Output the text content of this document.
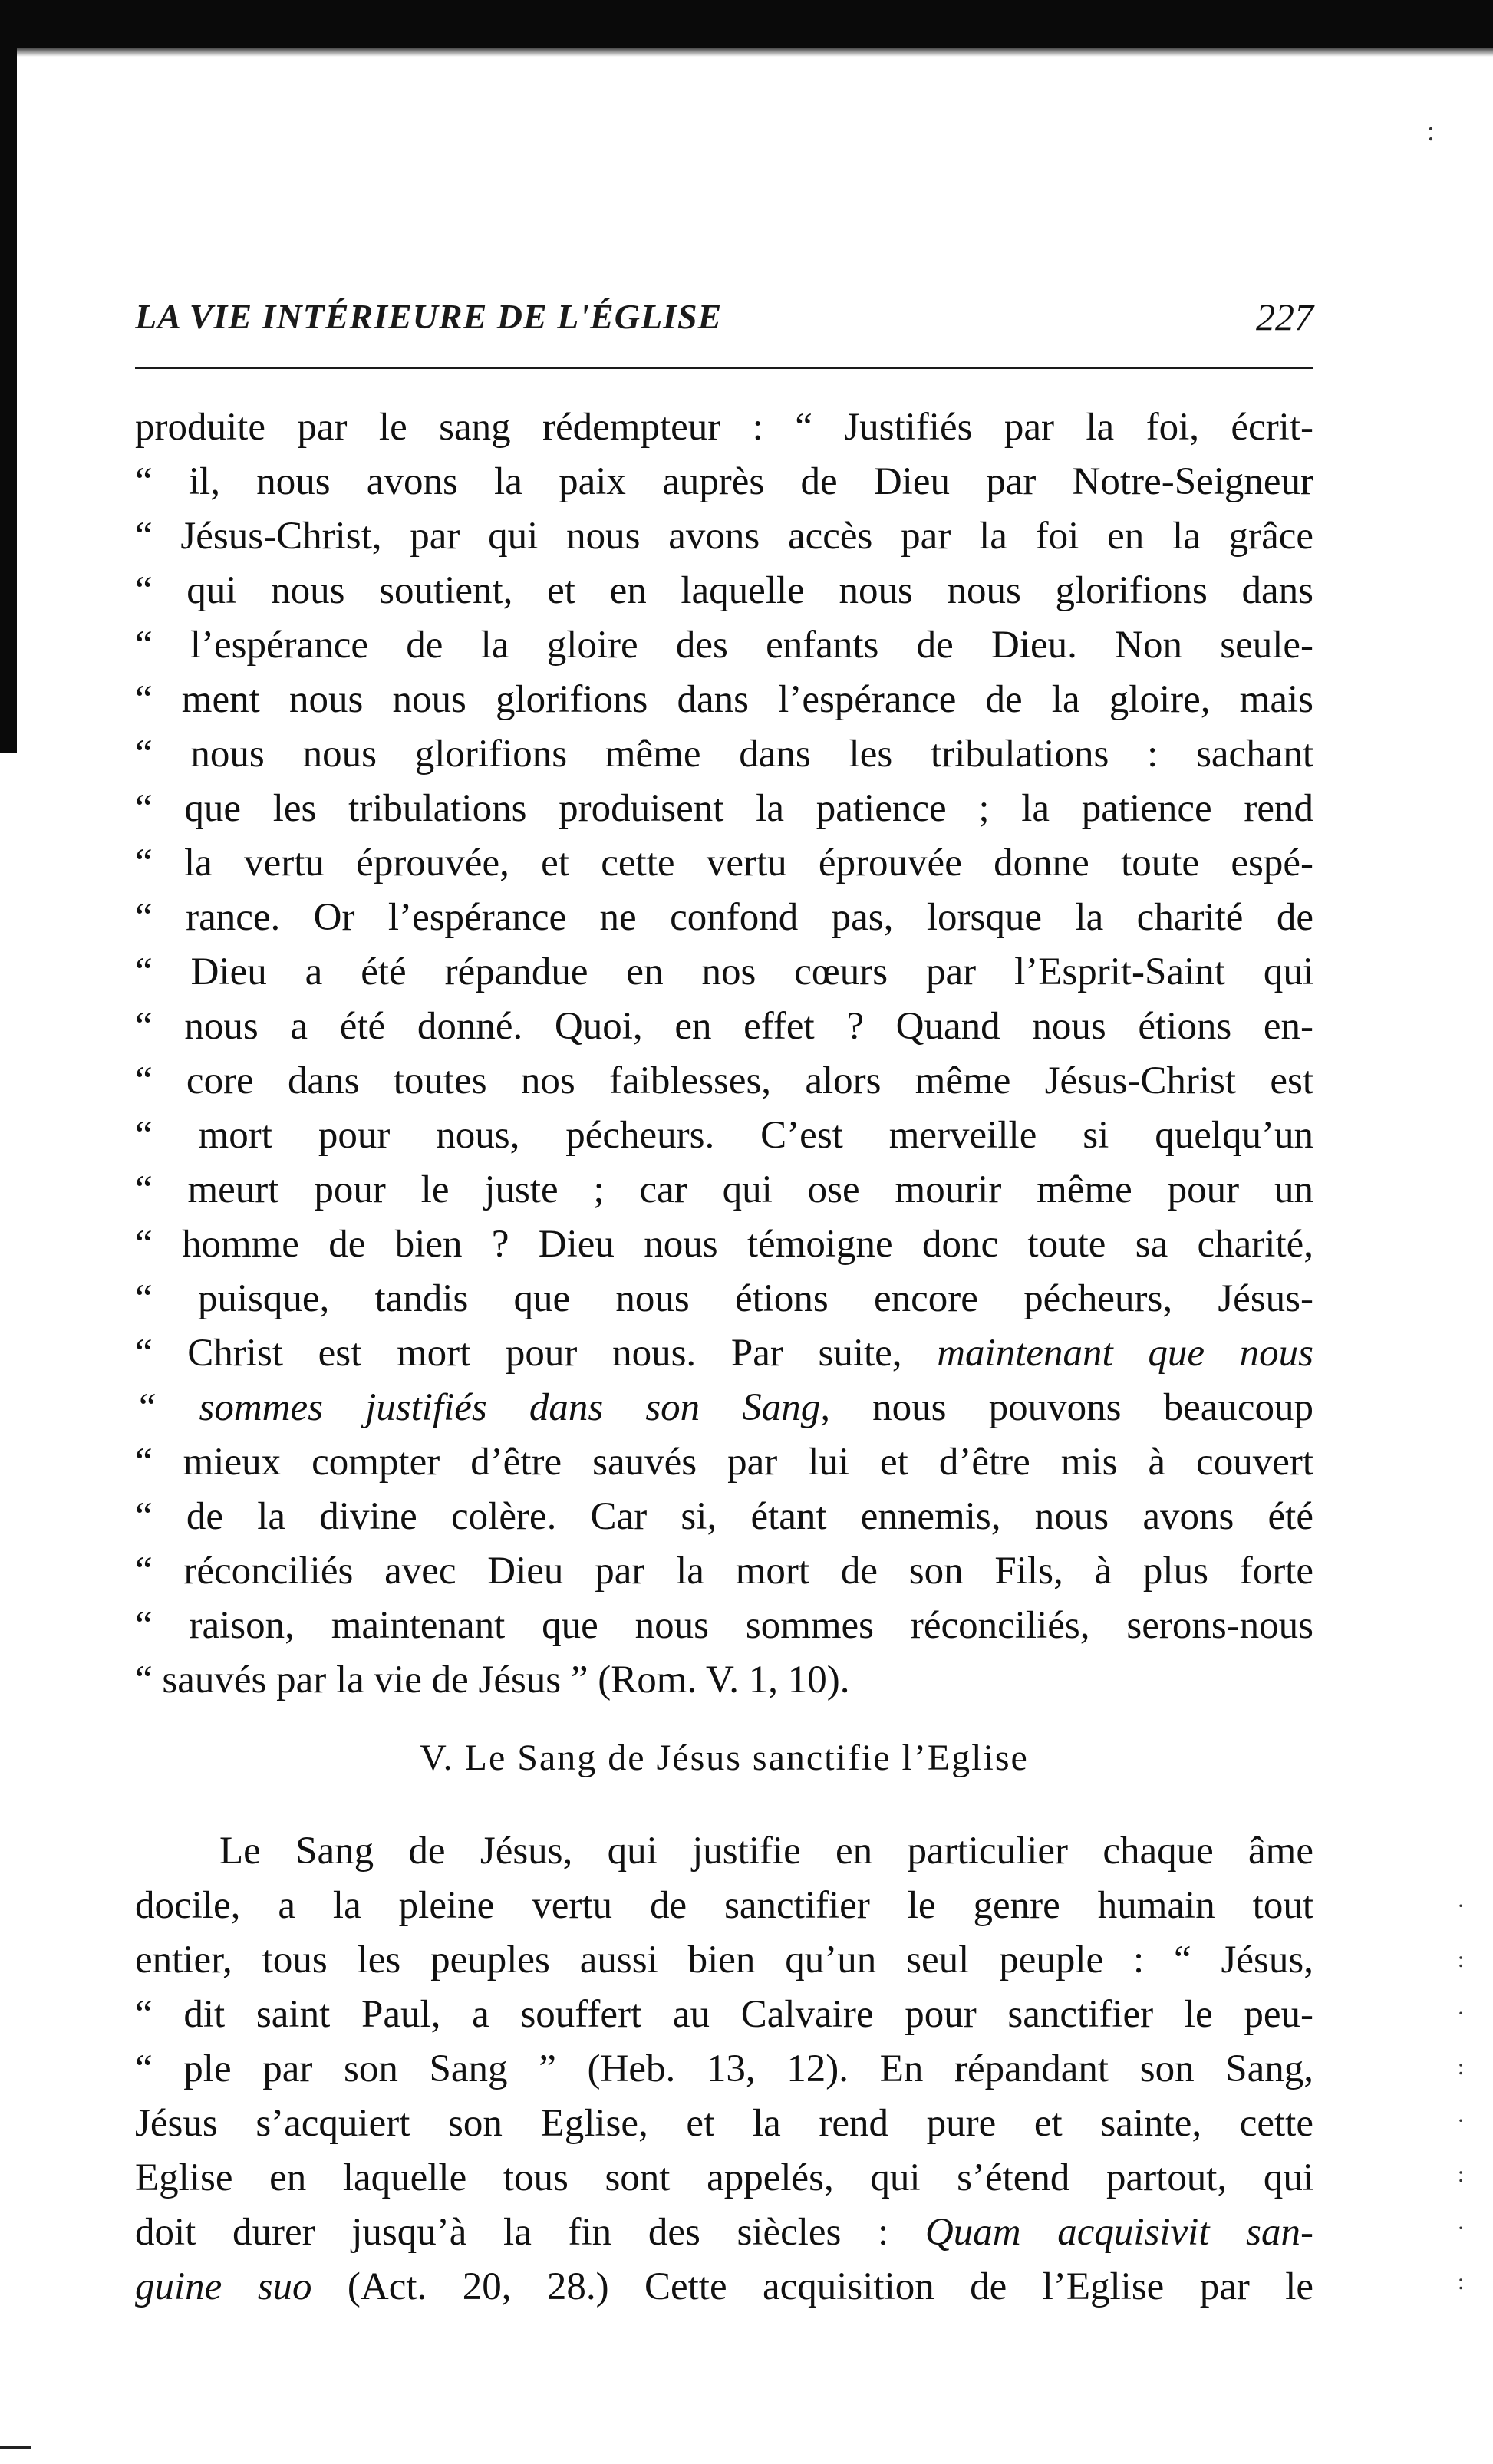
:
LA VIE INTÉRIEURE DE L'ÉGLISE	227
produite par le sang rédempteur : “ Justifiés par la foi, écrit-
“ il, nous avons la paix auprès de Dieu par Notre-Seigneur
“ Jésus-Christ, par qui nous avons accès par la foi en la grâce
“ qui nous soutient, et en laquelle nous nous glorifions dans
“ l’espérance de la gloire des enfants de Dieu. Non seule-
“ ment nous nous glorifions dans l’espérance de la gloire, mais
“ nous nous glorifions même dans les tribulations : sachant
“ que les tribulations produisent la patience ; la patience rend
“ la vertu éprouvée, et cette vertu éprouvée donne toute espé-
“ rance. Or l’espérance ne confond pas, lorsque la charité de
“ Dieu a été répandue en nos cœurs par l’Esprit-Saint qui
“ nous a été donné. Quoi, en effet ? Quand nous étions en-
“ core dans toutes nos faiblesses, alors même Jésus-Christ est
“ mort pour nous, pécheurs. C’est merveille si quelqu’un
“ meurt pour le juste ; car qui ose mourir même pour un
“ homme de bien ? Dieu nous témoigne donc toute sa charité,
“ puisque, tandis que nous étions encore pécheurs, Jésus-
“ Christ est mort pour nous. Par suite, maintenant que nous
“ sommes justifiés dans son Sang, nous pouvons beaucoup
“ mieux compter d’être sauvés par lui et d’être mis à couvert
“ de la divine colère. Car si, étant ennemis, nous avons été
“ réconciliés avec Dieu par la mort de son Fils, à plus forte
“ raison, maintenant que nous sommes réconciliés, serons-nous
“ sauvés par la vie de Jésus ” (Rom. V. 1, 10).
V. Le Sang de Jésus sanctifie l’Eglise
Le Sang de Jésus, qui justifie en particulier chaque âme
docile, a la pleine vertu de sanctifier le genre humain tout
entier, tous les peuples aussi bien qu’un seul peuple : “ Jésus,
“ dit saint Paul, a souffert au Calvaire pour sanctifier le peu-
“ ple par son Sang ” (Heb. 13, 12). En répandant son Sang,
Jésus s’acquiert son Eglise, et la rend pure et sainte, cette
Eglise en laquelle tous sont appelés, qui s’étend partout, qui
doit durer jusqu’à la fin des siècles : Quam acquisivit san-
guine suo (Act. 20, 28.) Cette acquisition de l’Eglise par le
·
:
·
:
·
:
·
:
